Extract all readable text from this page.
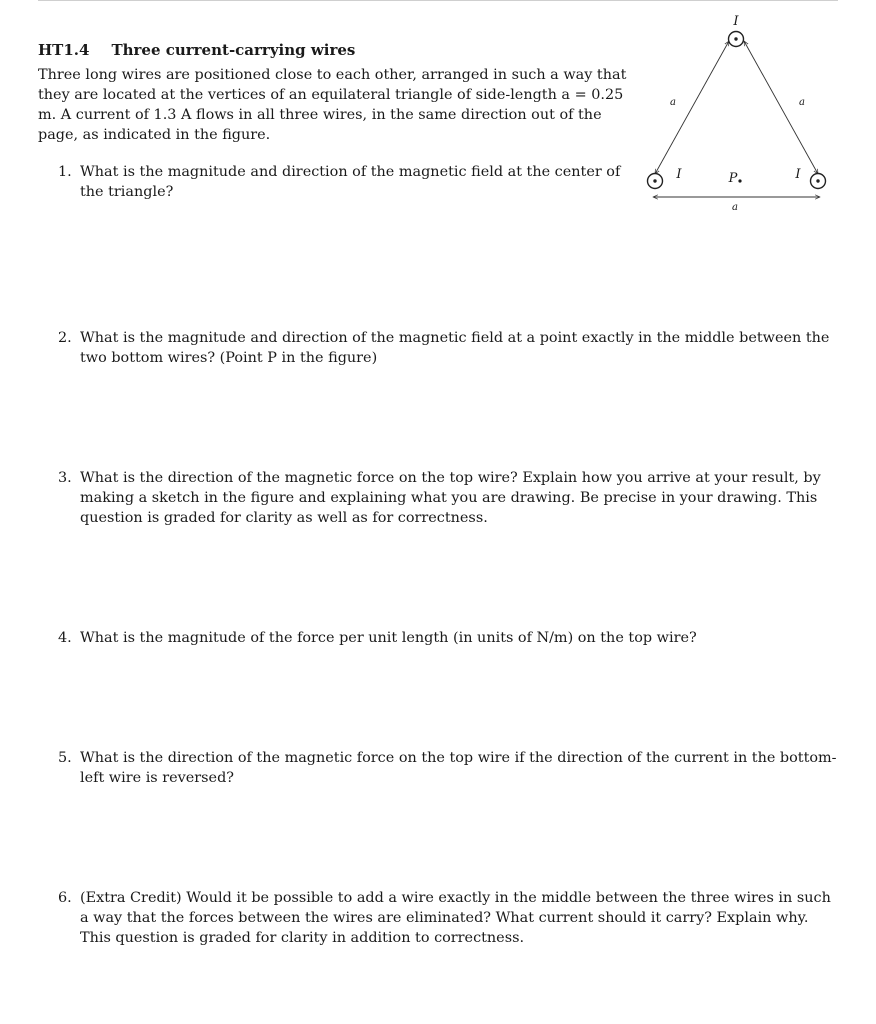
HT1.4 Three current-carrying wires
Three long wires are positioned close to each other, arranged in such a way that they are located at the vertices of an equilateral triangle of side-length a = 0.25 m. A current of 1.3 A flows in all three wires, in the same direction out of the page, as indicated in the figure.
1. What is the magnitude and direction of the magnetic field at the center of the triangle?
2. What is the magnitude and direction of the magnetic field at a point exactly in the middle between the two bottom wires? (Point P in the figure)
3. What is the direction of the magnetic force on the top wire? Explain how you arrive at your result, by making a sketch in the figure and explaining what you are drawing. Be precise in your drawing. This question is graded for clarity as well as for correctness.
4. What is the magnitude of the force per unit length (in units of N/m) on the top wire?
5. What is the direction of the magnetic force on the top wire if the direction of the current in the bottom-left wire is reversed?
6. (Extra Credit) Would it be possible to add a wire exactly in the middle between the three wires in such a way that the forces between the wires are eliminated? What current should it carry? Explain why. This question is graded for clarity in addition to correctness.
I
I	I
a	a
a
P
